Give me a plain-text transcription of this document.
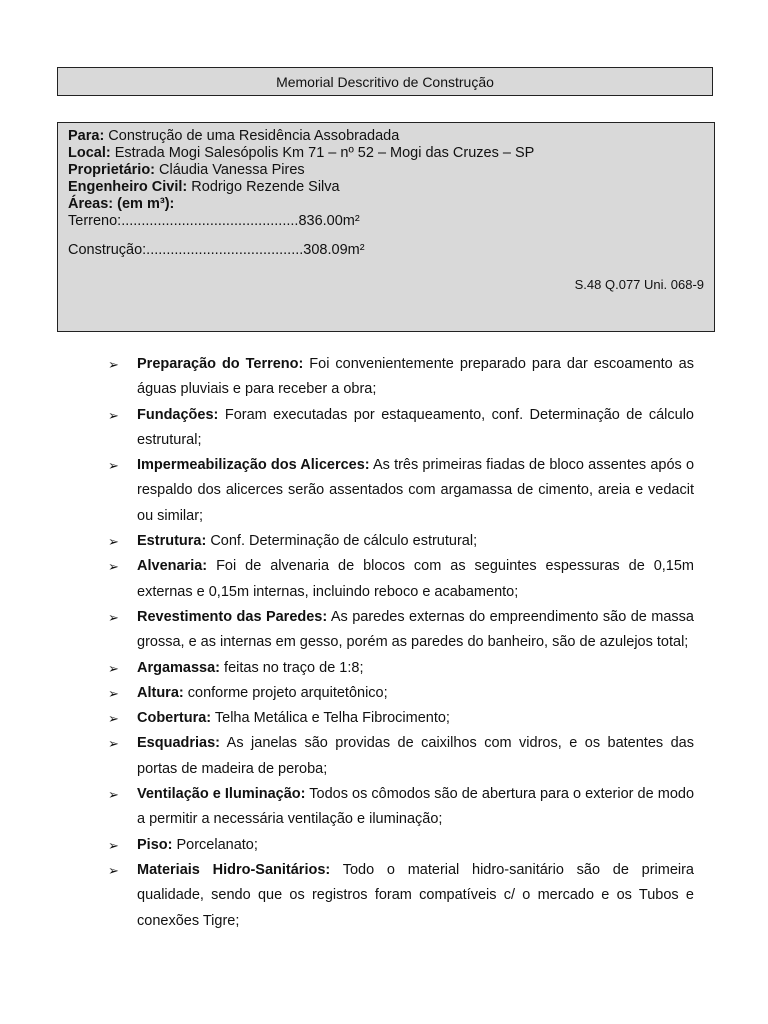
Memorial Descritivo de Construção
Para: Construção de uma Residência Assobradada
Local: Estrada Mogi Salesópolis Km 71 – nº 52 – Mogi das Cruzes – SP
Proprietário: Cláudia Vanessa Pires
Engenheiro Civil: Rodrigo Rezende Silva
Áreas: (em m³):
Terreno:............................................836.00m²
Construção:.......................................308.09m²
S.48 Q.077 Uni. 068-9
➢ Preparação do Terreno: Foi convenientemente preparado para dar escoamento as águas pluviais e para receber a obra;
➢ Fundações: Foram executadas por estaqueamento, conf. Determinação de cálculo estrutural;
➢ Impermeabilização dos Alicerces: As três primeiras fiadas de bloco assentes após o respaldo dos alicerces serão assentados com argamassa de cimento, areia e vedacit ou similar;
➢ Estrutura: Conf. Determinação de cálculo estrutural;
➢ Alvenaria: Foi de alvenaria de blocos com as seguintes espessuras de 0,15m externas e 0,15m internas, incluindo reboco e acabamento;
➢ Revestimento das Paredes: As paredes externas do empreendimento são de massa grossa, e as internas em gesso, porém as paredes do banheiro, são de azulejos total;
➢ Argamassa: feitas no traço de 1:8;
➢ Altura: conforme projeto arquitetônico;
➢ Cobertura: Telha Metálica e Telha Fibrocimento;
➢ Esquadrias: As janelas são providas de caixilhos com vidros, e os batentes das portas de madeira de peroba;
➢ Ventilação e Iluminação: Todos os cômodos são de abertura para o exterior de modo a permitir a necessária ventilação e iluminação;
➢ Piso: Porcelanato;
➢ Materiais Hidro-Sanitários: Todo o material hidro-sanitário são de primeira qualidade, sendo que os registros foram compatíveis c/ o mercado e os Tubos e conexões Tigre;
